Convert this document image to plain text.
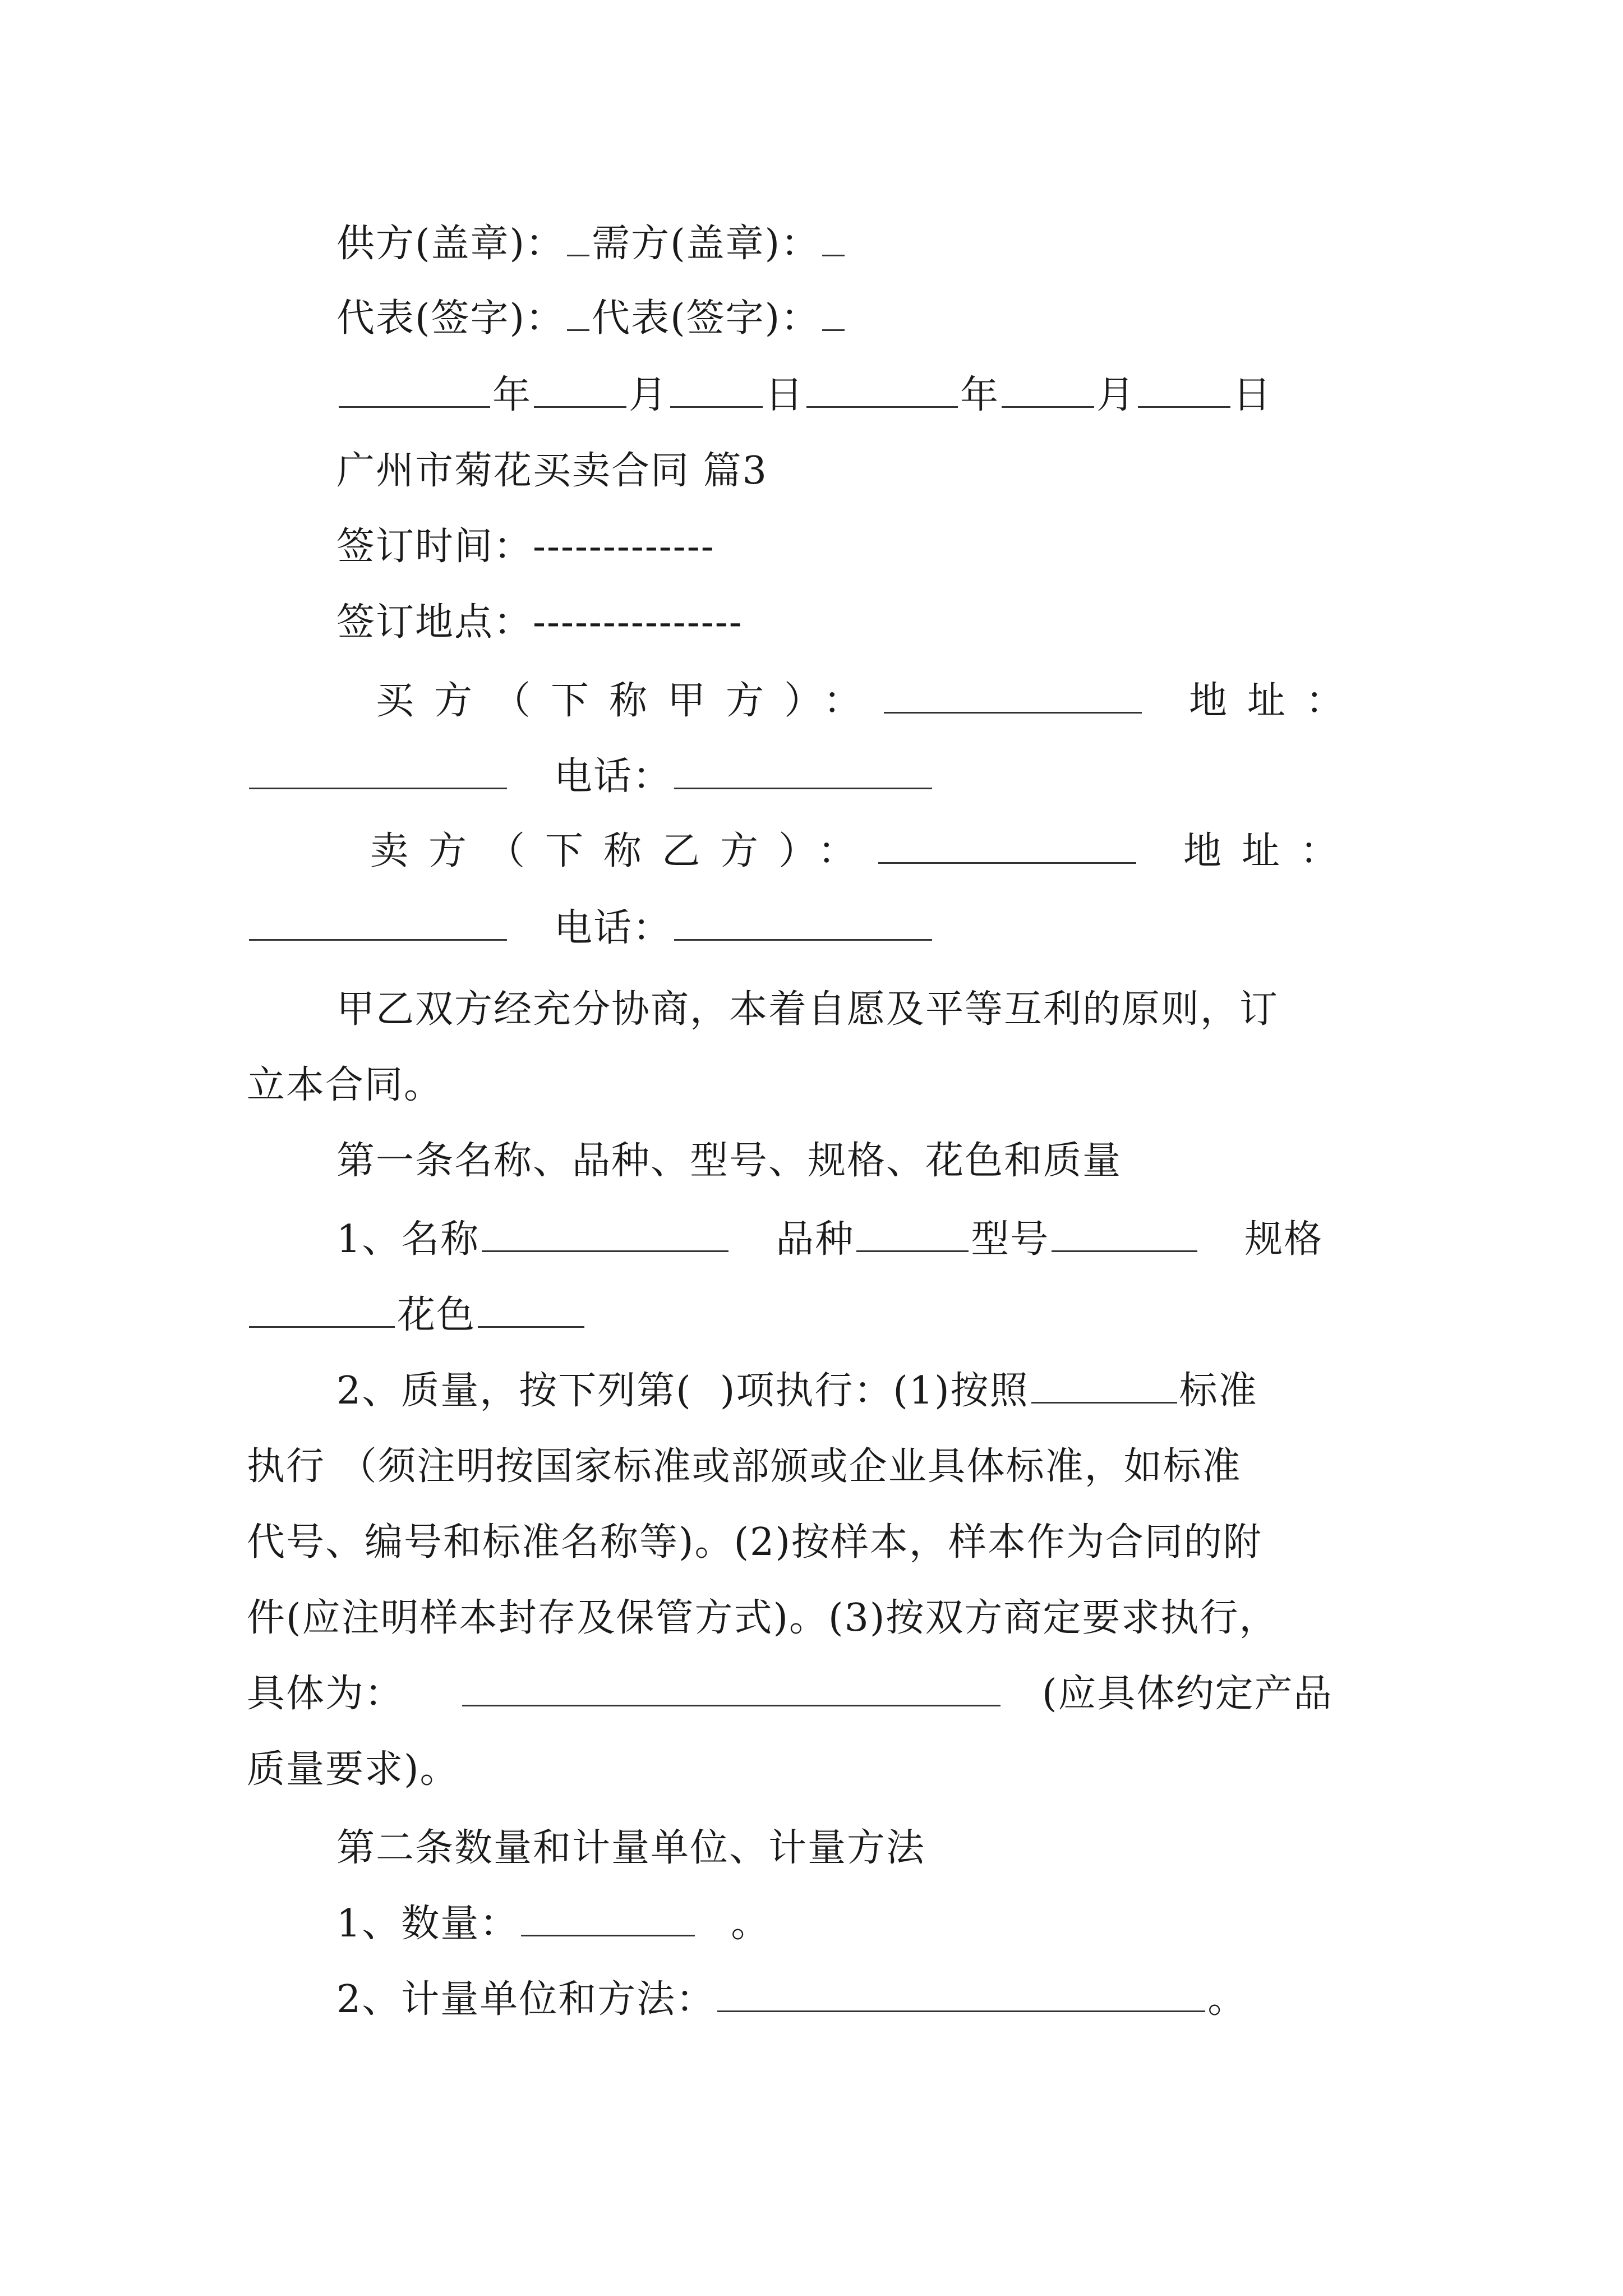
供方(盖章)： 需方(盖章)：
代表(签字)： 代表(签字)：
年	月	日	年	月	日
广州市菊花买卖合同 篇3
签订时间：-------------
签订地点：---------------
买方（下称甲方）：	地址：
电话：
卖方（下称乙方）：	地址：
电话：
甲乙双方经充分协商，本着自愿及平等互利的原则，订
立本合同。
第一条名称、品种、型号、规格、花色和质量
1、名称	品种	型号	规格
花色
2、质量，按下列第( )项执行：(1)按照	标准
执行 （须注明按国家标准或部颁或企业具体标准，如标准
代号、编号和标准名称等)。(2)按样本，样本作为合同的附
件(应注明样本封存及保管方式)。(3)按双方商定要求执行，
具体为：	(应具体约定产品
质量要求)。
第二条数量和计量单位、计量方法
1、数量：	。
2、计量单位和方法：	。
